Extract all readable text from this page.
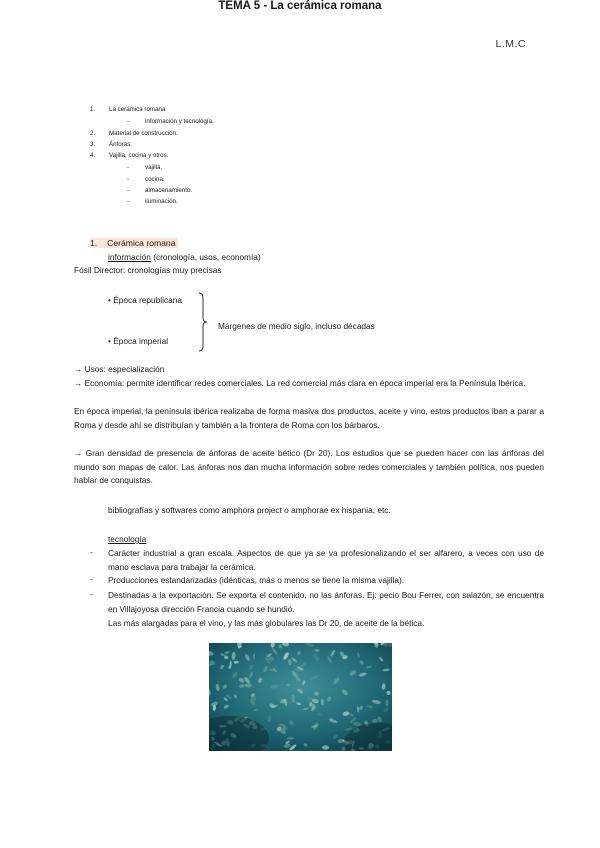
L.M.C
TEMA 5 - La cerámica romana
1. La cerámica romana
-	información y tecnología.
2. Material de construcción.
3. Ánforas.
4. Vajilla, cocina y otros.
-	vajilla.
-	cocina.
-	almacenamiento.
-	iluminación.
1. Cerámica romana
información (cronología, usos, economía)
Fósil Director: cronologías muy precisas
• Época republicana
• Época imperial
Márgenes de medio siglo, incluso décadas
→ Usos: especialización
→ Economía: permite identificar redes comerciales. La red comercial más clara en época imperial era la Península Ibérica.
En época imperial, la península ibérica realizaba de forma masiva dos productos, aceite y vino, estos productos iban a parar a Roma y desde ahí se distribuían y también a la frontera de Roma con los bárbaros.
→ Gran densidad de presencia de ánforas de aceite bético (Dr 20). Los estudios que se pueden hacer con las ánforas del mundo son mapas de calor. Las ánforas nos dan mucha información sobre redes comerciales y también política, nos pueden hablar de conquistas.
bibliografías y softwares como amphora project o amphorae ex hispania, etc.
tecnología
- Carácter industrial a gran escala. Aspectos de que ya se va profesionalizando el ser alfarero, a veces con uso de mano esclava para trabajar la cerámica.
- Producciones estandarizadas (idénticas, más o menos se tiene la misma vajilla).
- Destinadas a la exportación. Se exporta el contenido, no las ánforas. Ej: pecio Bou Ferrer, con salazón, se encuentra en Villajoyosa dirección Francia cuando se hundió.
Las más alargadas para el vino, y las más globulares las Dr 20, de aceite de la bética.
